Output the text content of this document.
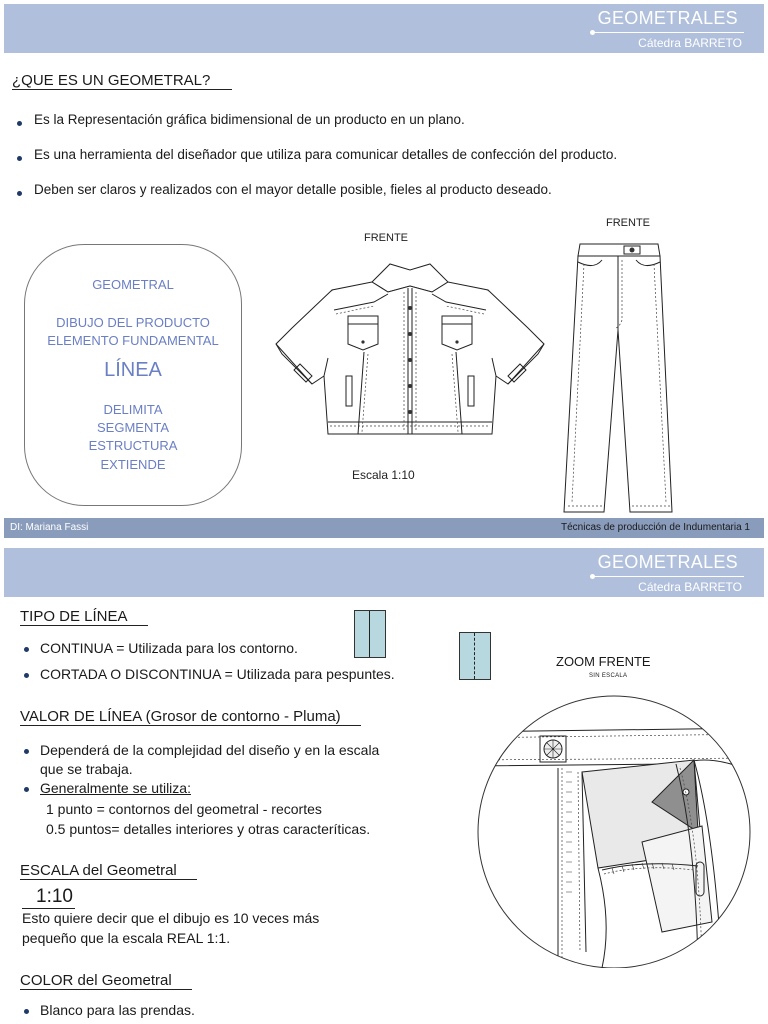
GEOMETRALES
Cátedra BARRETO
¿QUE ES UN GEOMETRAL?
Es la Representación gráfica bidimensional de un producto en un plano.
Es una herramienta del diseñador que utiliza para comunicar detalles de confección del producto.
Deben ser claros y realizados con el mayor detalle posible, fieles al producto deseado.
GEOMETRAL
DIBUJO DEL PRODUCTO
ELEMENTO FUNDAMENTAL
LÍNEA
DELIMITA
SEGMENTA
ESTRUCTURA
EXTIENDE
FRENTE
FRENTE
Escala 1:10
DI: Mariana Fassi	Técnicas de producción de Indumentaria 1
GEOMETRALES
Cátedra BARRETO
TIPO DE LÍNEA
CONTINUA = Utilizada para los contorno.
CORTADA O DISCONTINUA = Utilizada para pespuntes.
ZOOM FRENTE
SIN ESCALA
VALOR DE LÍNEA (Grosor de contorno - Pluma)
Dependerá de la complejidad del diseño y en la escala
que se trabaja.
Generalmente se utiliza:
1 punto = contornos del geometral - recortes
0.5 puntos= detalles interiores y otras caracteríticas.
ESCALA del Geometral
1:10
Esto quiere decir que el dibujo es 10 veces más
pequeño que la escala REAL 1:1.
COLOR del Geometral
Blanco para las prendas.
